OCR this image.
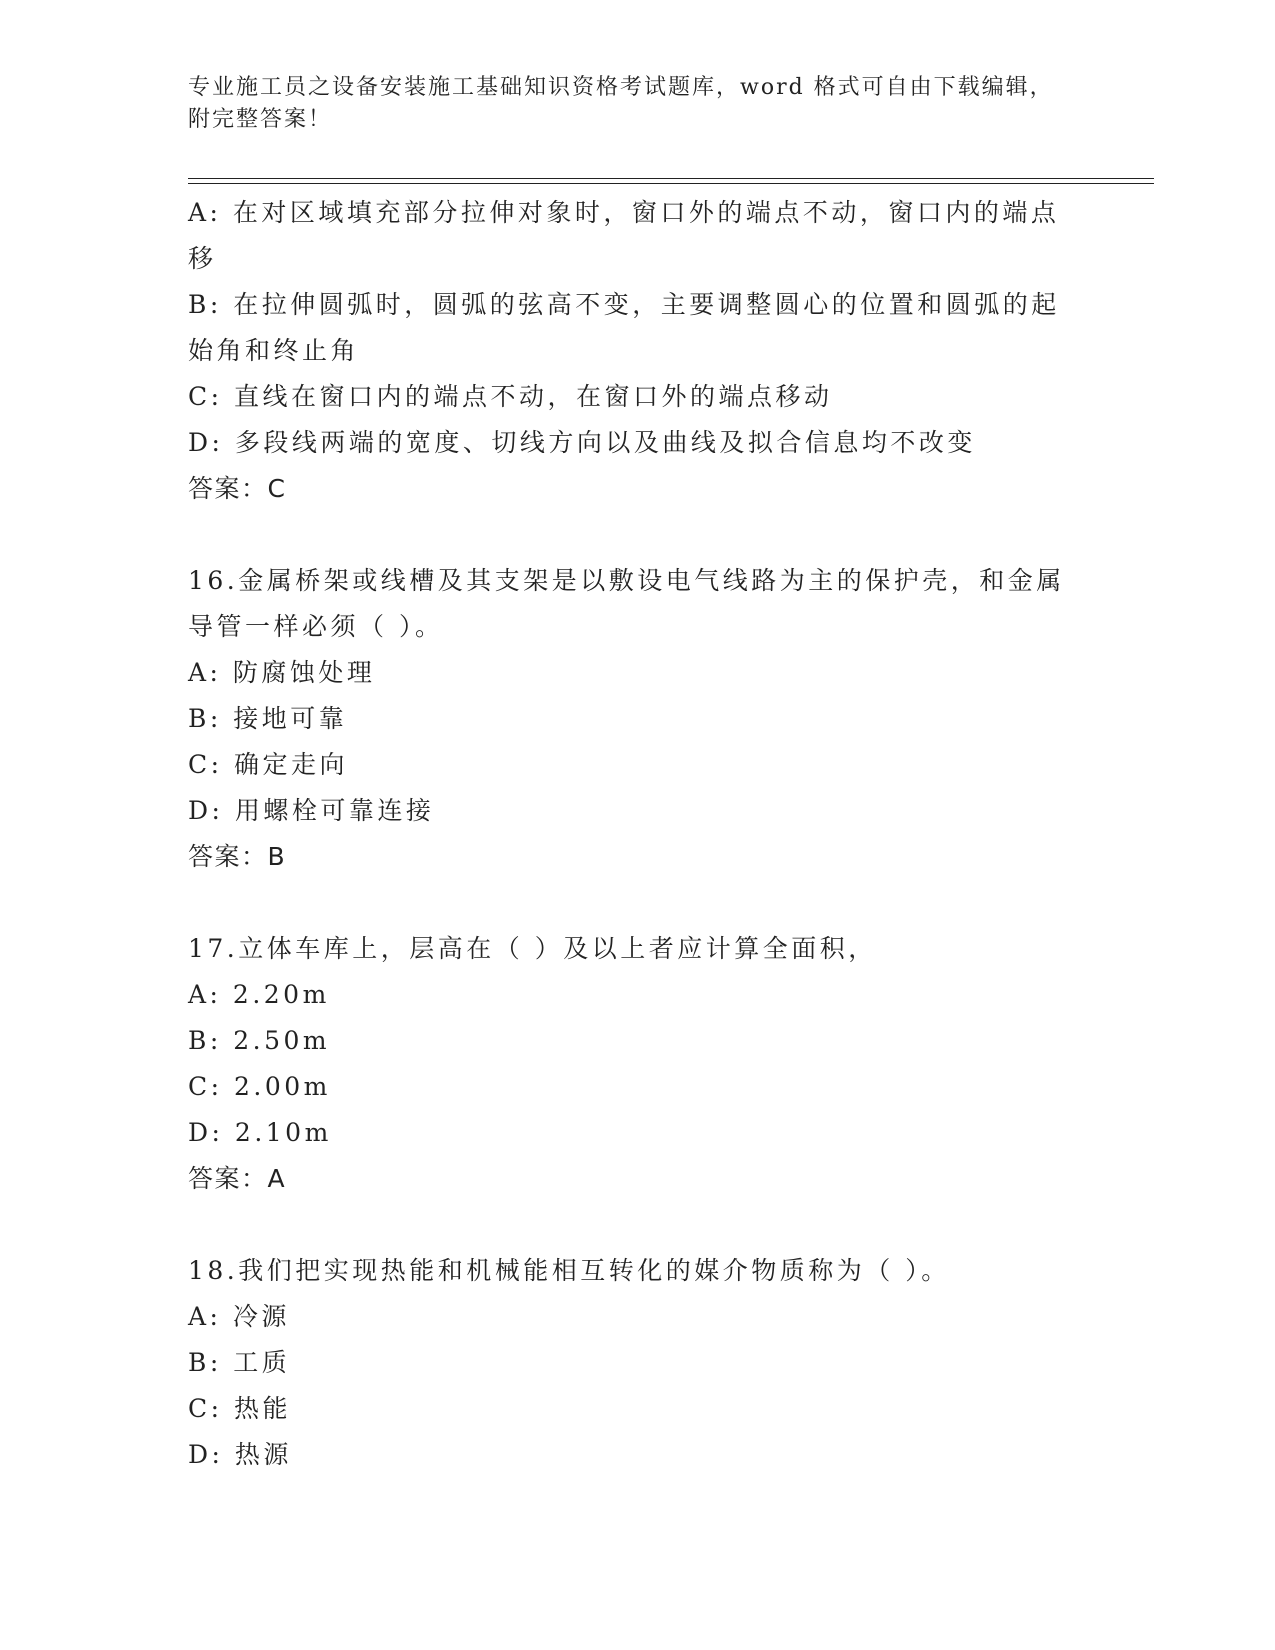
专业施工员之设备安装施工基础知识资格考试题库，word 格式可自由下载编辑，
附完整答案！
A: 在对区域填充部分拉伸对象时，窗口外的端点不动，窗口内的端点
移
B: 在拉伸圆弧时，圆弧的弦高不变，主要调整圆心的位置和圆弧的起
始角和终止角
C: 直线在窗口内的端点不动，在窗口外的端点移动
D: 多段线两端的宽度、切线方向以及曲线及拟合信息均不改变
答案：C
16.金属桥架或线槽及其支架是以敷设电气线路为主的保护壳，和金属
导管一样必须（ ）。
A: 防腐蚀处理
B: 接地可靠
C: 确定走向
D: 用螺栓可靠连接
答案：B
17.立体车库上，层高在（ ）及以上者应计算全面积，
A: 2.20m
B: 2.50m
C: 2.00m
D: 2.10m
答案：A
18.我们把实现热能和机械能相互转化的媒介物质称为（ ）。
A: 冷源
B: 工质
C: 热能
D: 热源
